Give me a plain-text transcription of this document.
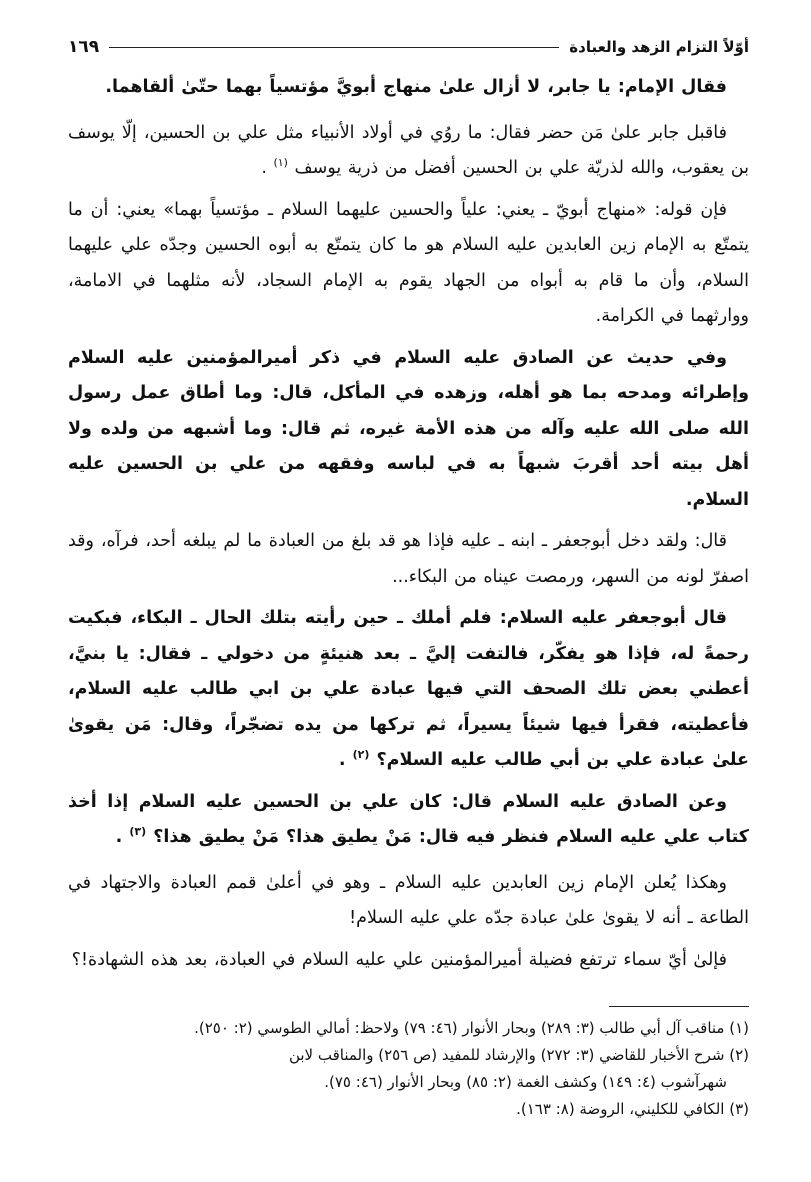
أوّلاً التزام الزهد والعبادة
١٦٩

فقال الإمام: يا جابر، لا أزال علىٰ منهاج أبويَّ مؤتسياً بهما حتّىٰ ألقاهما.

فاقبل جابر علىٰ مَن حضر فقال: ما روُي في أولاد الأنبياء مثل علي بن الحسين، إلّا يوسف بن يعقوب، والله لذريّة علي بن الحسين أفضل من ذرية يوسف $^{(١)}$ .

فإن قوله: «منهاج أبويّ ـ يعني: علياً والحسين عليهما السلام ـ مؤتسياً بهما» يعني: أن ما يتمتّع به الإمام زين العابدين عليه السلام هو ما كان يتمتّع به أبوه الحسين وجدّه علي عليهما السلام، وأن ما قام به أبواه من الجهاد يقوم به الإمام السجاد، لأنه مثلهما في الامامة، ووارثهما في الكرامة.

وفي حديث عن الصادق عليه السلام في ذكر أميرالمؤمنين عليه السلام وإطرائه ومدحه بما هو أهله، وزهده في المأكل، قال: وما أطاق عمل رسول الله صلى الله عليه وآله من هذه الأمة غيره، ثم قال: وما أشبهه من ولده ولا أهل بيته أحد أقربَ شبهاً به في لباسه وفقهه من علي بن الحسين عليه السلام.

قال: ولقد دخل أبوجعفر ـ ابنه ـ عليه فإذا هو قد بلغ من العبادة ما لم يبلغه أحد، فرآه، وقد اصفرّ لونه من السهر، ورمصت عيناه من البكاء...

قال أبوجعفر عليه السلام: فلم أملك ـ حين رأيته بتلك الحال ـ البكاء، فبكيت رحمةً له، فإذا هو يفكّر، فالتفت إليَّ ـ بعد هنيئةٍ من دخولي ـ فقال: يا بنيَّ، أعطني بعض تلك الصحف التي فيها عبادة علي بن ابي طالب عليه السلام، فأعطيته، فقرأ فيها شيئاً يسيراً، ثم تركها من يده تضجّراً، وقال: مَن يقوىٰ علىٰ عبادة علي بن أبي طالب عليه السلام؟ $^{(٢)}$ .

وعن الصادق عليه السلام قال: كان علي بن الحسين عليه السلام إذا أخذ كتاب علي عليه السلام فنظر فيه قال: مَنْ يطيق هذا؟ مَنْ يطيق هذا؟ $^{(٣)}$ .

وهكذا يُعلن الإمام زين العابدين عليه السلام ـ وهو في أعلىٰ قمم العبادة والاجتهاد في الطاعة ـ أنه لا يقوىٰ علىٰ عبادة جدّه علي عليه السلام!

فإلىٰ أيّ سماء ترتفع فضيلة أميرالمؤمنين علي عليه السلام في العبادة، بعد هذه الشهادة!؟

(١) مناقب آل أبي طالب (٣: ٢٨٩) وبحار الأنوار (٤٦: ٧٩) ولاحظ: أمالي الطوسي (٢: ٢٥٠).

(٢) شرح الأخبار للقاضي (٣: ٢٧٢) والإرشاد للمفيد (ص ٢٥٦) والمناقب لابن

شهرآشوب (٤: ١٤٩) وكشف الغمة (٢: ٨٥) وبحار الأنوار (٤٦: ٧٥).

(٣) الكافي للكليني، الروضة (٨: ١٦٣).
